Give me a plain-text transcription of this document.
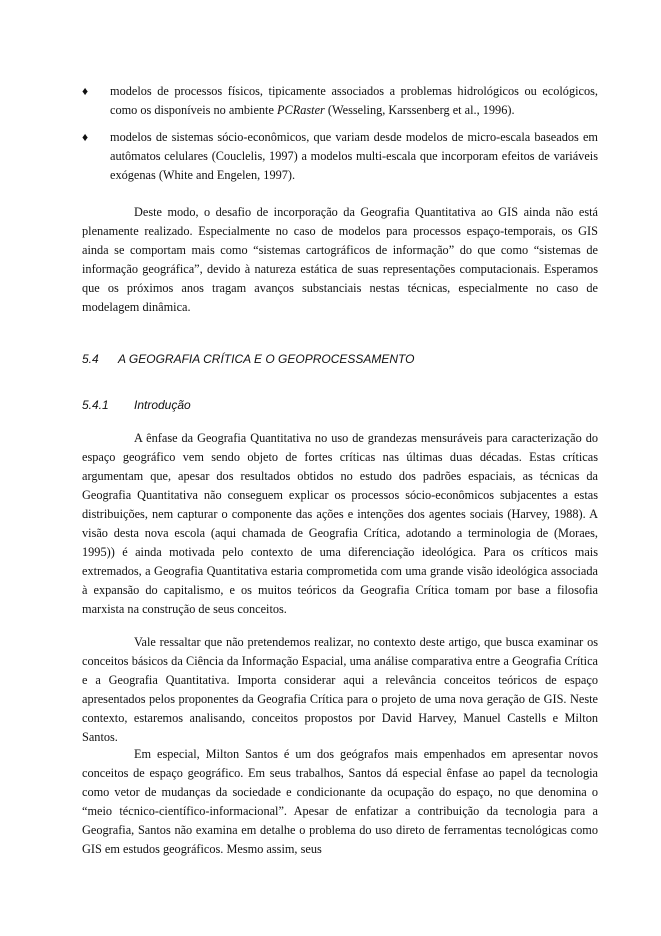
♦ modelos de processos físicos, tipicamente associados a problemas hidrológicos ou ecológicos, como os disponíveis no ambiente PCRaster (Wesseling, Karssenberg et al., 1996).
♦ modelos de sistemas sócio-econômicos, que variam desde modelos de micro-escala baseados em autômatos celulares (Couclelis, 1997) a modelos multi-escala que incorporam efeitos de variáveis exógenas (White and Engelen, 1997).

Deste modo, o desafio de incorporação da Geografia Quantitativa ao GIS ainda não está plenamente realizado. Especialmente no caso de modelos para processos espaço-temporais, os GIS ainda se comportam mais como “sistemas cartográficos de informação” do que como “sistemas de informação geográfica”, devido à natureza estática de suas representações computacionais. Esperamos que os próximos anos tragam avanços substanciais nestas técnicas, especialmente no caso de modelagem dinâmica.

5.4 A GEOGRAFIA CRÍTICA E O GEOPROCESSAMENTO
5.4.1 Introdução

A ênfase da Geografia Quantitativa no uso de grandezas mensuráveis para caracterização do espaço geográfico vem sendo objeto de fortes críticas nas últimas duas décadas. Estas críticas argumentam que, apesar dos resultados obtidos no estudo dos padrões espaciais, as técnicas da Geografia Quantitativa não conseguem explicar os processos sócio-econômicos subjacentes a estas distribuições, nem capturar o componente das ações e intenções dos agentes sociais (Harvey, 1988). A visão desta nova escola (aqui chamada de Geografia Crítica, adotando a terminologia de (Moraes, 1995)) é ainda motivada pelo contexto de uma diferenciação ideológica. Para os críticos mais extremados, a Geografia Quantitativa estaria comprometida com uma grande visão ideológica associada à expansão do capitalismo, e os muitos teóricos da Geografia Crítica tomam por base a filosofia marxista na construção de seus conceitos.

Vale ressaltar que não pretendemos realizar, no contexto deste artigo, que busca examinar os conceitos básicos da Ciência da Informação Espacial, uma análise comparativa entre a Geografia Crítica e a Geografia Quantitativa. Importa considerar aqui a relevância conceitos teóricos de espaço apresentados pelos proponentes da Geografia Crítica para o projeto de uma nova geração de GIS. Neste contexto, estaremos analisando, conceitos propostos por David Harvey, Manuel Castells e Milton Santos.

Em especial, Milton Santos é um dos geógrafos mais empenhados em apresentar novos conceitos de espaço geográfico. Em seus trabalhos, Santos dá especial ênfase ao papel da tecnologia como vetor de mudanças da sociedade e condicionante da ocupação do espaço, no que denomina o “meio técnico-científico-informacional”. Apesar de enfatizar a contribuição da tecnologia para a Geografia, Santos não examina em detalhe o problema do uso direto de ferramentas tecnológicas como GIS em estudos geográficos. Mesmo assim, seus
